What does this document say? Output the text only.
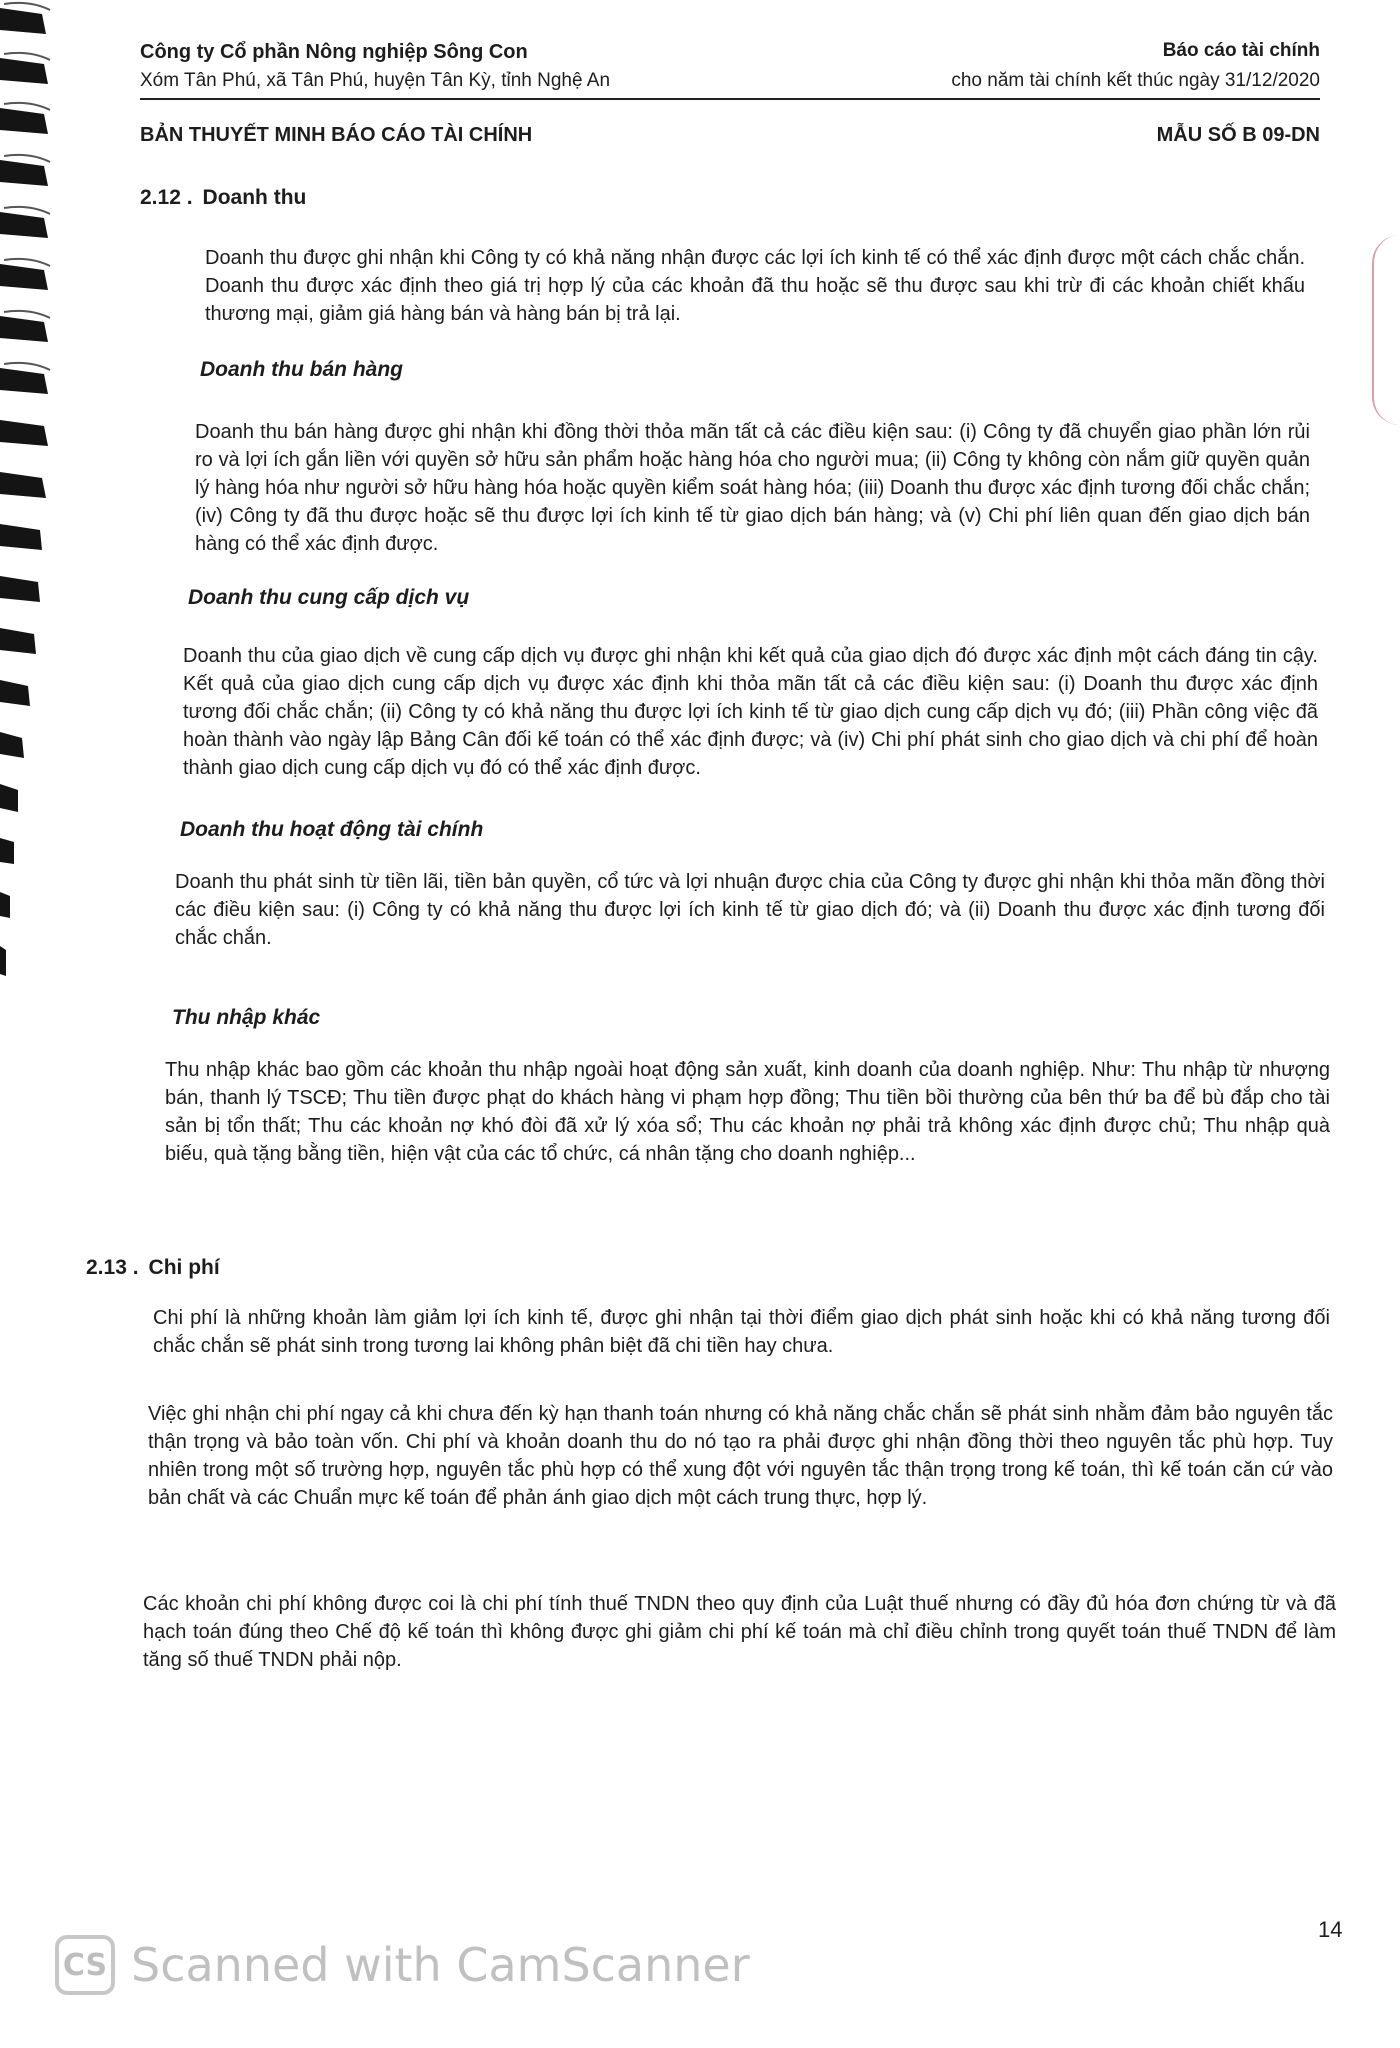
Công ty Cổ phần Nông nghiệp Sông Con
Xóm Tân Phú, xã Tân Phú, huyện Tân Kỳ, tỉnh Nghệ An
Báo cáo tài chính
cho năm tài chính kết thúc ngày 31/12/2020
BẢN THUYẾT MINH BÁO CÁO TÀI CHÍNH	MẪU SỐ B 09-DN
2.12 . Doanh thu
Doanh thu được ghi nhận khi Công ty có khả năng nhận được các lợi ích kinh tế có thể xác định được một cách chắc chắn. Doanh thu được xác định theo giá trị hợp lý của các khoản đã thu hoặc sẽ thu được sau khi trừ đi các khoản chiết khấu thương mại, giảm giá hàng bán và hàng bán bị trả lại.
Doanh thu bán hàng
Doanh thu bán hàng được ghi nhận khi đồng thời thỏa mãn tất cả các điều kiện sau: (i) Công ty đã chuyển giao phần lớn rủi ro và lợi ích gắn liền với quyền sở hữu sản phẩm hoặc hàng hóa cho người mua; (ii) Công ty không còn nắm giữ quyền quản lý hàng hóa như người sở hữu hàng hóa hoặc quyền kiểm soát hàng hóa; (iii) Doanh thu được xác định tương đối chắc chắn; (iv) Công ty đã thu được hoặc sẽ thu được lợi ích kinh tế từ giao dịch bán hàng; và (v) Chi phí liên quan đến giao dịch bán hàng có thể xác định được.
Doanh thu cung cấp dịch vụ
Doanh thu của giao dịch về cung cấp dịch vụ được ghi nhận khi kết quả của giao dịch đó được xác định một cách đáng tin cậy. Kết quả của giao dịch cung cấp dịch vụ được xác định khi thỏa mãn tất cả các điều kiện sau: (i) Doanh thu được xác định tương đối chắc chắn; (ii) Công ty có khả năng thu được lợi ích kinh tế từ giao dịch cung cấp dịch vụ đó; (iii) Phần công việc đã hoàn thành vào ngày lập Bảng Cân đối kế toán có thể xác định được; và (iv) Chi phí phát sinh cho giao dịch và chi phí để hoàn thành giao dịch cung cấp dịch vụ đó có thể xác định được.
Doanh thu hoạt động tài chính
Doanh thu phát sinh từ tiền lãi, tiền bản quyền, cổ tức và lợi nhuận được chia của Công ty được ghi nhận khi thỏa mãn đồng thời các điều kiện sau: (i) Công ty có khả năng thu được lợi ích kinh tế từ giao dịch đó; và (ii) Doanh thu được xác định tương đối chắc chắn.
Thu nhập khác
Thu nhập khác bao gồm các khoản thu nhập ngoài hoạt động sản xuất, kinh doanh của doanh nghiệp. Như: Thu nhập từ nhượng bán, thanh lý TSCĐ; Thu tiền được phạt do khách hàng vi phạm hợp đồng; Thu tiền bồi thường của bên thứ ba để bù đắp cho tài sản bị tổn thất; Thu các khoản nợ khó đòi đã xử lý xóa sổ; Thu các khoản nợ phải trả không xác định được chủ; Thu nhập quà biếu, quà tặng bằng tiền, hiện vật của các tổ chức, cá nhân tặng cho doanh nghiệp...
2.13 . Chi phí
Chi phí là những khoản làm giảm lợi ích kinh tế, được ghi nhận tại thời điểm giao dịch phát sinh hoặc khi có khả năng tương đối chắc chắn sẽ phát sinh trong tương lai không phân biệt đã chi tiền hay chưa.
Việc ghi nhận chi phí ngay cả khi chưa đến kỳ hạn thanh toán nhưng có khả năng chắc chắn sẽ phát sinh nhằm đảm bảo nguyên tắc thận trọng và bảo toàn vốn. Chi phí và khoản doanh thu do nó tạo ra phải được ghi nhận đồng thời theo nguyên tắc phù hợp. Tuy nhiên trong một số trường hợp, nguyên tắc phù hợp có thể xung đột với nguyên tắc thận trọng trong kế toán, thì kế toán căn cứ vào bản chất và các Chuẩn mực kế toán để phản ánh giao dịch một cách trung thực, hợp lý.
Các khoản chi phí không được coi là chi phí tính thuế TNDN theo quy định của Luật thuế nhưng có đầy đủ hóa đơn chứng từ và đã hạch toán đúng theo Chế độ kế toán thì không được ghi giảm chi phí kế toán mà chỉ điều chỉnh trong quyết toán thuế TNDN để làm tăng số thuế TNDN phải nộp.
14
CS Scanned with CamScanner
